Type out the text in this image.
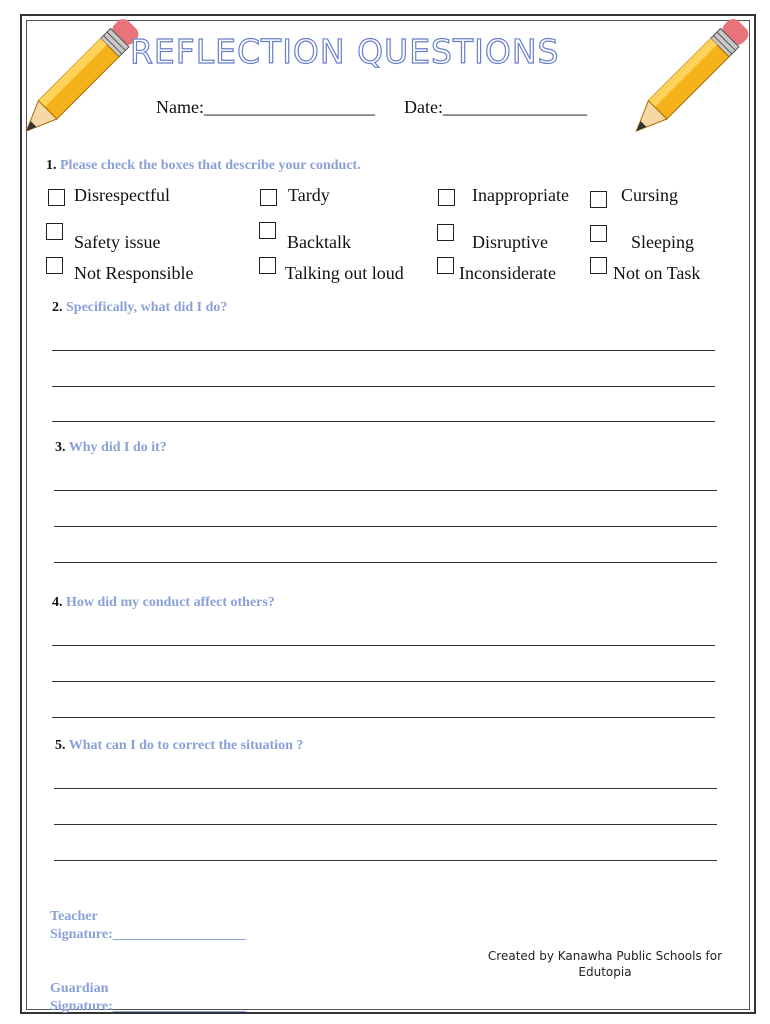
REFLECTION QUESTIONS
Name:___________________ Date:________________
1. Please check the boxes that describe your conduct.
Disrespectful	Tardy	Inappropriate	Cursing
Safety issue	Backtalk	Disruptive	Sleeping
Not Responsible	Talking out loud	Inconsiderate	Not on Task
2. Specifically, what did I do?
3. Why did I do it?
4. How did my conduct affect others?
5. What can I do to correct the situation ?
Teacher Signature:___________________
Guardian Signature:___________________
Created by Kanawha Public Schools for Edutopia
